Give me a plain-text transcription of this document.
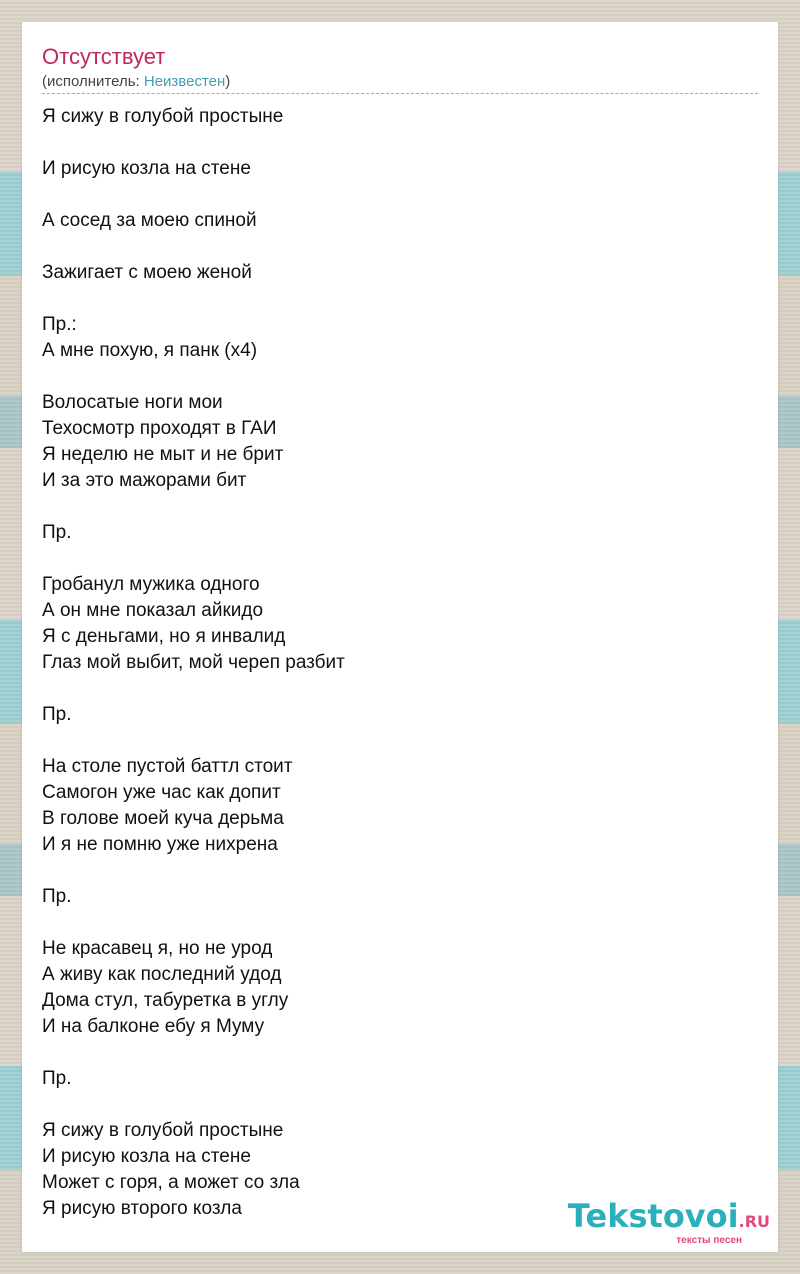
Отсутствует
(исполнитель: Неизвестен)
Я сижу в голубой простыне

И рисую козла на стене

А сосед за моею спиной

Зажигает с моею женой

Пр.:
А мне похую, я панк (x4)

Волосатые ноги мои
Техосмотр проходят в ГАИ
Я неделю не мыт и не брит
И за это мажорами бит

Пр.

Гробанул мужика одного
А он мне показал айкидо
Я с деньгами, но я инвалид
Глаз мой выбит, мой череп разбит

Пр.

На столе пустой баттл стоит
Самогон уже час как допит
В голове моей куча дерьма
И я не помню уже нихрена

Пр.

Не красавец я, но не урод
А живу как последний удод
Дома стул, табуретка в углу
И на балконе ебу я Муму

Пр.

Я сижу в голубой простыне
И рисую козла на стене
Может с горя, а может со зла
Я рисую второго козла	Tekstovoi.RU
тексты песен
